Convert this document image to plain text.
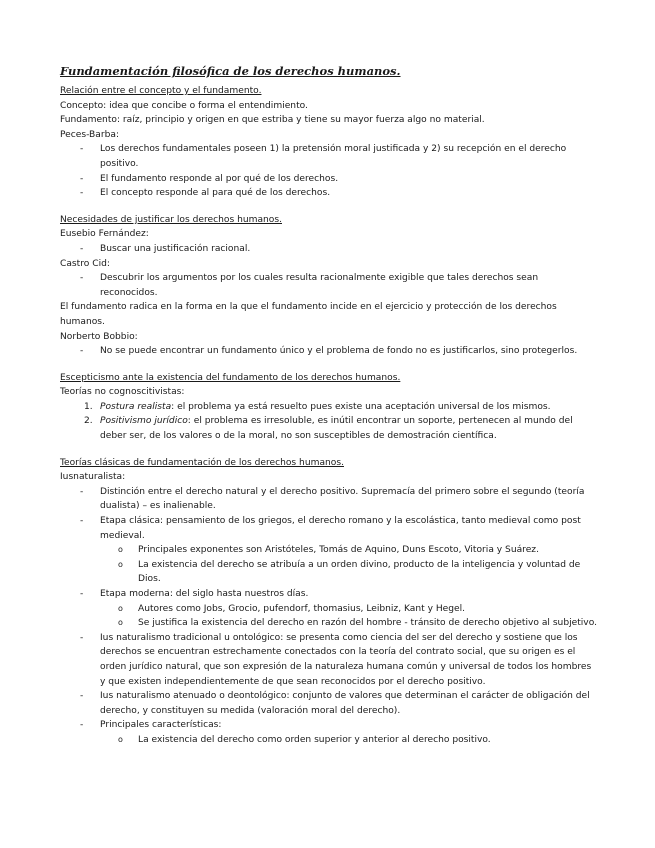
Fundamentación filosófica de los derechos humanos.

Relación entre el concepto y el fundamento.

Concepto: idea que concibe o forma el entendimiento.

Fundamento: raíz, principio y origen en que estriba y tiene su mayor fuerza algo no material.

Peces-Barba:

- Los derechos fundamentales poseen 1) la pretensión moral justificada y 2) su recepción en el derecho positivo.
- El fundamento responde al por qué de los derechos.
- El concepto responde al para qué de los derechos.

Necesidades de justificar los derechos humanos.

Eusebio Fernández:

- Buscar una justificación racional.

Castro Cid:

- Descubrir los argumentos por los cuales resulta racionalmente exigible que tales derechos sean reconocidos.

El fundamento radica en la forma en la que el fundamento incide en el ejercicio y protección de los derechos humanos.

Norberto Bobbio:

- No se puede encontrar un fundamento único y el problema de fondo no es justificarlos, sino protegerlos.

Escepticismo ante la existencia del fundamento de los derechos humanos.

Teorías no cognoscitivistas:

1. Postura realista: el problema ya está resuelto pues existe una aceptación universal de los mismos.
2. Positivismo jurídico: el problema es irresoluble, es inútil encontrar un soporte, pertenecen al mundo del deber ser, de los valores o de la moral, no son susceptibles de demostración científica.

Teorías clásicas de fundamentación de los derechos humanos.

Iusnaturalista:

- Distinción entre el derecho natural y el derecho positivo. Supremacía del primero sobre el segundo (teoría dualista) – es inalienable.
- Etapa clásica: pensamiento de los griegos, el derecho romano y la escolástica, tanto medieval como post medieval.
o Principales exponentes son Aristóteles, Tomás de Aquino, Duns Escoto, Vitoria y Suárez.
o La existencia del derecho se atribuía a un orden divino, producto de la inteligencia y voluntad de Dios.
- Etapa moderna: del siglo hasta nuestros días.
o Autores como Jobs, Grocio, pufendorf, thomasius, Leibniz, Kant y Hegel.
o Se justifica la existencia del derecho en razón del hombre - tránsito de derecho objetivo al subjetivo.
- Ius naturalismo tradicional u ontológico: se presenta como ciencia del ser del derecho y sostiene que los derechos se encuentran estrechamente conectados con la teoría del contrato social, que su origen es el orden jurídico natural, que son expresión de la naturaleza humana común y universal de todos los hombres y que existen independientemente de que sean reconocidos por el derecho positivo.
- Ius naturalismo atenuado o deontológico: conjunto de valores que determinan el carácter de obligación del derecho, y constituyen su medida (valoración moral del derecho).
- Principales características:
o La existencia del derecho como orden superior y anterior al derecho positivo.
